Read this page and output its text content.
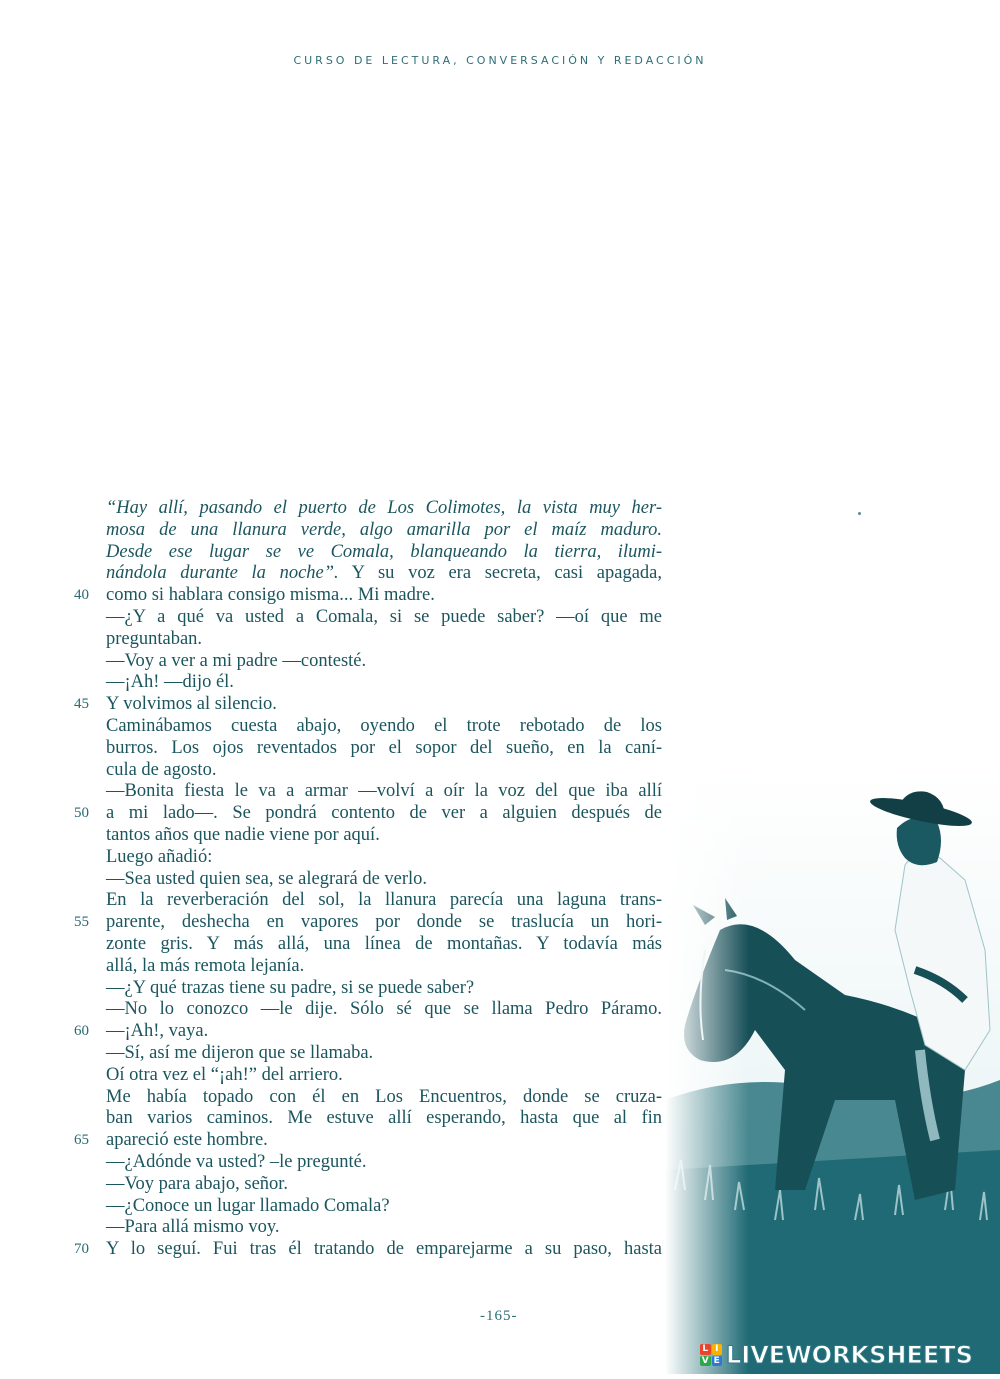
CURSO DE LECTURA, CONVERSACIÓN Y REDACCIÓN
“Hay allí, pasando el puerto de Los Colimotes, la vista muy her-
mosa de una llanura verde, algo amarilla por el maíz maduro.
Desde ese lugar se ve Comala, blanqueando la tierra, ilumi-
nándola durante la noche”. Y su voz era secreta, casi apagada,
40 como si hablara consigo misma... Mi madre.
—¿Y a qué va usted a Comala, si se puede saber? —oí que me
preguntaban.
—Voy a ver a mi padre —contesté.
—¡Ah! —dijo él.
45 Y volvimos al silencio.
Caminábamos cuesta abajo, oyendo el trote rebotado de los
burros. Los ojos reventados por el sopor del sueño, en la caní-
cula de agosto.
—Bonita fiesta le va a armar —volví a oír la voz del que iba allí
50 a mi lado—. Se pondrá contento de ver a alguien después de
tantos años que nadie viene por aquí.
Luego añadió:
—Sea usted quien sea, se alegrará de verlo.
En la reverberación del sol, la llanura parecía una laguna trans-
55 parente, deshecha en vapores por donde se traslucía un hori-
zonte gris. Y más allá, una línea de montañas. Y todavía más
allá, la más remota lejanía.
—¿Y qué trazas tiene su padre, si se puede saber?
—No lo conozco —le dije. Sólo sé que se llama Pedro Páramo.
60 —¡Ah!, vaya.
—Sí, así me dijeron que se llamaba.
Oí otra vez el “¡ah!” del arriero.
Me había topado con él en Los Encuentros, donde se cruza-
ban varios caminos. Me estuve allí esperando, hasta que al fin
65 apareció este hombre.
—¿Adónde va usted? –le pregunté.
—Voy para abajo, señor.
—¿Conoce un lugar llamado Comala?
—Para allá mismo voy.
70 Y lo seguí. Fui tras él tratando de emparejarme a su paso, hasta
-165-
L I
V E LIVEWORKSHEETS
